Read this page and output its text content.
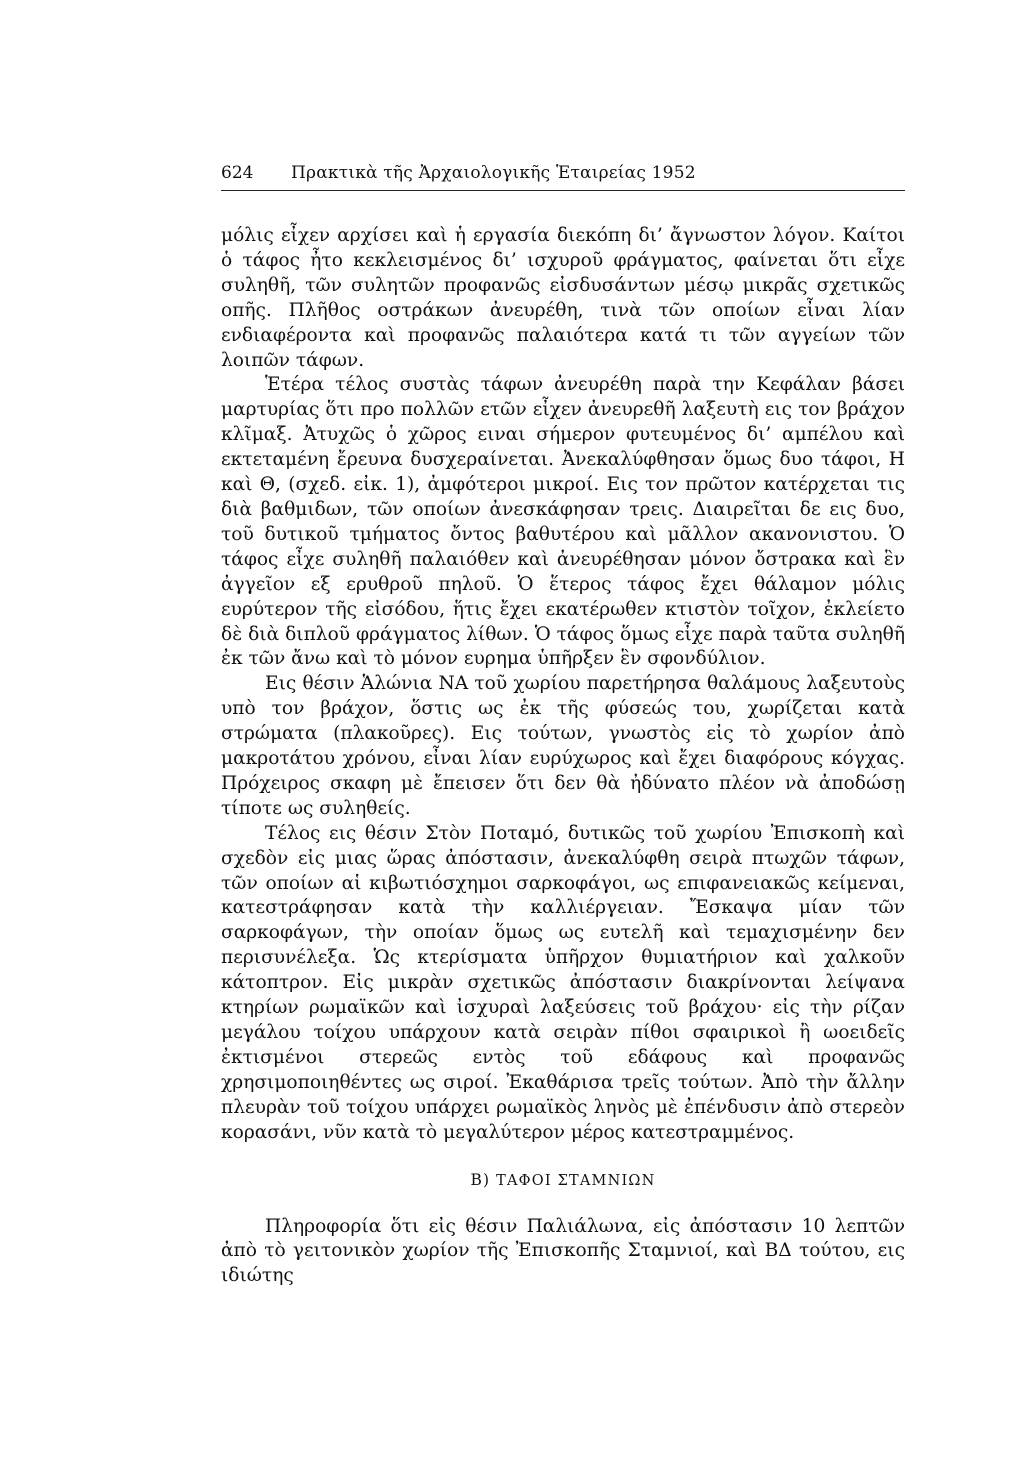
624 Πρακτικὰ τῆς Ἀρχαιολογικῆς Ἑταιρείας 1952

μόλις εἶχεν αρχίσει καὶ ἡ εργασία διεκόπη δι’ ἄγνωστον λόγον. Καίτοι ὁ τάφος ἦτο κεκλεισμένος δι’ ισχυροῦ φράγματος, φαίνεται ὅτι εἶχε συληθῆ, τῶν συλητῶν προφανῶς εἰσδυσάντων μέσῳ μικρᾶς σχετικῶς οπῆς. Πλῆθος οστράκων ἀνευρέθη, τινὰ τῶν οποίων εἶναι λίαν ενδιαφέροντα καὶ προφανῶς παλαιότερα κατά τι τῶν αγγείων τῶν λοιπῶν τάφων.

Ἑτέρα τέλος συστὰς τάφων ἀνευρέθη παρὰ την Κεφάλαν βάσει μαρτυρίας ὅτι προ πολλῶν ετῶν εἶχεν ἀνευρεθῆ λαξευτὴ εις τον βράχον κλῖμαξ. Ἀτυχῶς ὁ χῶρος ειναι σήμερον φυτευμένος δι’ αμπέλου καὶ εκτεταμένη ἔρευνα δυσχεραίνεται. Ἀνεκαλύφθησαν ὅμως δυο τάφοι, Η καὶ Θ, (σχεδ. εἰκ. 1), ἀμφότεροι μικροί. Εις τον πρῶτον κατέρχεται τις διὰ βαθμιδων, τῶν οποίων ἀνεσκάφησαν τρεις. Διαιρεῖται δε εις δυο, τοῦ δυτικοῦ τμήματος ὄντος βαθυτέρου καὶ μᾶλλον ακανονιστου. Ὁ τάφος εἶχε συληθῆ παλαιόθεν καὶ ἀνευρέθησαν μόνον ὄστρακα καὶ ἓν ἀγγεῖον εξ ερυθροῦ πηλοῦ. Ὁ ἕτερος τάφος ἔχει θάλαμον μόλις ευρύτερον τῆς εἰσόδου, ἥτις ἔχει εκατέρωθεν κτιστὸν τοῖχον, ἐκλείετο δὲ διὰ διπλοῦ φράγματος λίθων. Ὁ τάφος ὅμως εἶχε παρὰ ταῦτα συληθῆ ἐκ τῶν ἄνω καὶ τὸ μόνον ευρημα ὑπῆρξεν ἓν σφονδύλιον.

Εις θέσιν Ἁλώνια ΝΑ τοῦ χωρίου παρετήρησα θαλάμους λαξευτοὺς υπὸ τον βράχον, ὅστις ως ἐκ τῆς φύσεώς του, χωρίζεται κατὰ στρώματα (πλακοῦρες). Εις τούτων, γνωστὸς εἰς τὸ χωρίον ἀπὸ μακροτάτου χρόνου, εἶναι λίαν ευρύχωρος καὶ ἔχει διαφόρους κόγχας. Πρόχειρος σκαφη μὲ ἔπεισεν ὅτι δεν θὰ ἠδύνατο πλέον νὰ ἀποδώσῃ τίποτε ως συληθείς.

Τέλος εις θέσιν Στὸν Ποταμό, δυτικῶς τοῦ χωρίου Ἐπισκοπὴ καὶ σχεδὸν εἰς μιας ὥρας ἀπόστασιν, ἀνεκαλύφθη σειρὰ πτωχῶν τάφων, τῶν οποίων αἱ κιβωτιόσχημοι σαρκοφάγοι, ως επιφανειακῶς κείμεναι, κατεστράφησαν κατὰ τὴν καλλιέργειαν. Ἔσκαψα μίαν τῶν σαρκοφάγων, τὴν οποίαν ὅμως ως ευτελῆ καὶ τεμαχισμένην δεν περισυνέλεξα. Ὡς κτερίσματα ὑπῆρχον θυμιατήριον καὶ χαλκοῦν κάτοπτρον. Εἰς μικρὰν σχετικῶς ἀπόστασιν διακρίνονται λείψανα κτηρίων ρωμαϊκῶν καὶ ἰσχυραὶ λαξεύσεις τοῦ βράχου· εἰς τὴν ρίζαν μεγάλου τοίχου υπάρχουν κατὰ σειρὰν πίθοι σφαιρικοὶ ἢ ωοειδεῖς ἐκτισμένοι στερεῶς εντὸς τοῦ εδάφους καὶ προφανῶς χρησιμοποιηθέντες ως σιροί. Ἐκαθάρισα τρεῖς τούτων. Ἀπὸ τὴν ἄλλην πλευρὰν τοῦ τοίχου υπάρχει ρωμαϊκὸς ληνὸς μὲ ἐπένδυσιν ἀπὸ στερεὸν κορασάνι, νῦν κατὰ τὸ μεγαλύτερον μέρος κατεστραμμένος.

Β) ΤΑΦΟΙ ΣΤΑΜΝΙΩΝ

Πληροφορία ὅτι εἰς θέσιν Παλιάλωνα, εἰς ἀπόστασιν 10 λεπτῶν ἀπὸ τὸ γειτονικὸν χωρίον τῆς Ἐπισκοπῆς Σταμνιοί, καὶ ΒΔ τούτου, εις ιδιώτης
